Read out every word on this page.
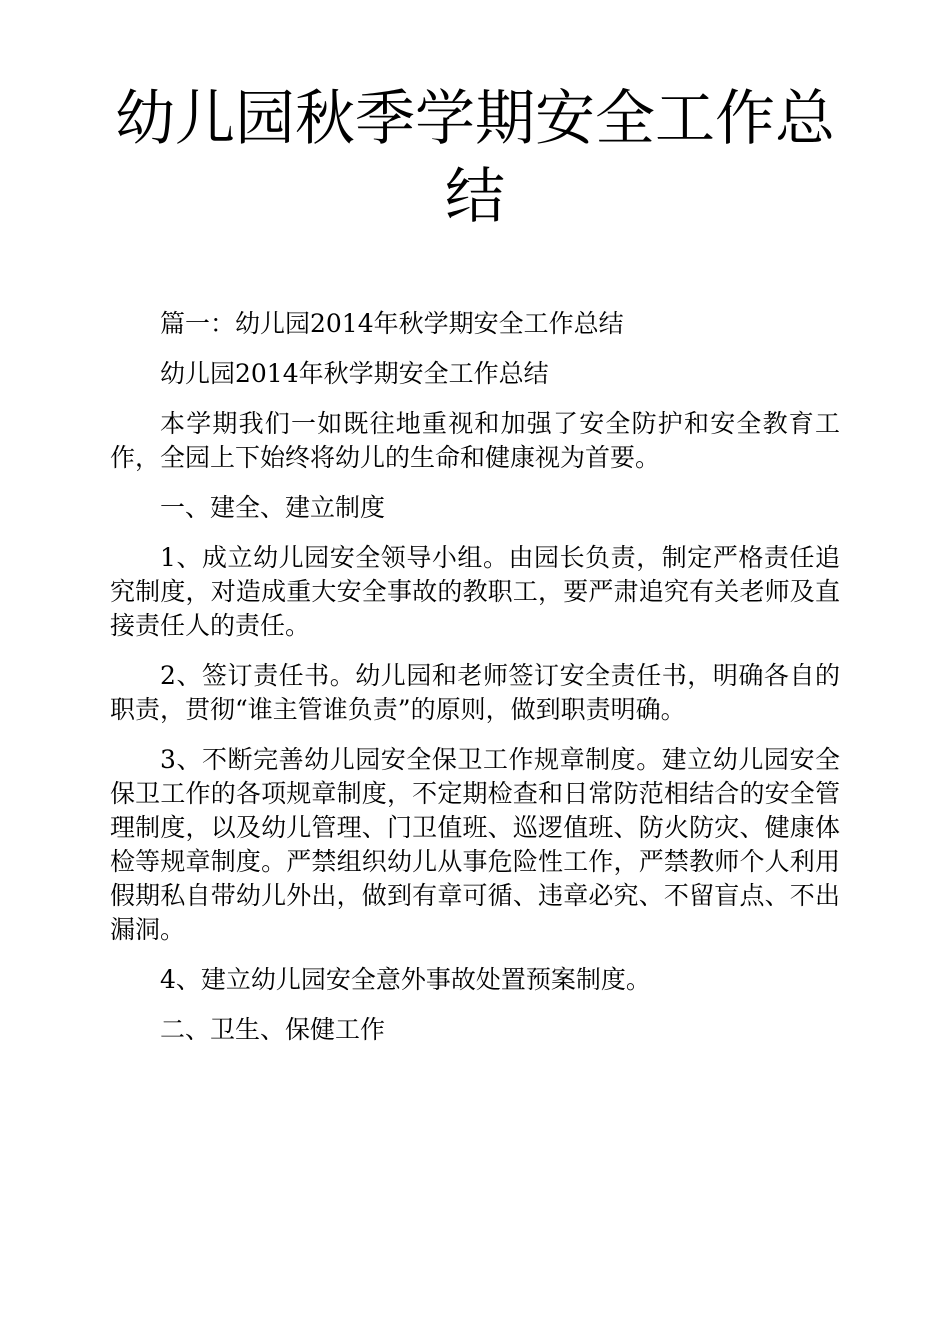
幼儿园秋季学期安全工作总
结

篇一：幼儿园2014年秋学期安全工作总结

幼儿园2014年秋学期安全工作总结

本学期我们一如既往地重视和加强了安全防护和安全教育工作，全园上下始终将幼儿的生命和健康视为首要。

一、建全、建立制度

1、成立幼儿园安全领导小组。由园长负责，制定严格责任追究制度，对造成重大安全事故的教职工，要严肃追究有关老师及直接责任人的责任。

2、签订责任书。幼儿园和老师签订安全责任书，明确各自的职责，贯彻“谁主管谁负责”的原则，做到职责明确。

3、不断完善幼儿园安全保卫工作规章制度。建立幼儿园安全保卫工作的各项规章制度，不定期检查和日常防范相结合的安全管理制度，以及幼儿管理、门卫值班、巡逻值班、防火防灾、健康体检等规章制度。严禁组织幼儿从事危险性工作，严禁教师个人利用假期私自带幼儿外出，做到有章可循、违章必究、不留盲点、不出漏洞。

4、建立幼儿园安全意外事故处置预案制度。

二、卫生、保健工作
